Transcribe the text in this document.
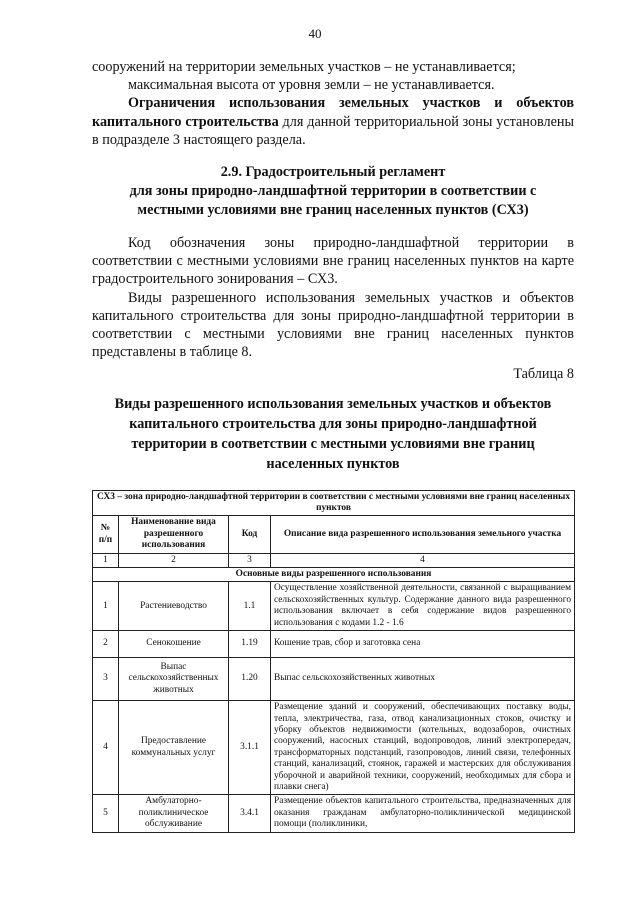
40

сооружений на территории земельных участков – не устанавливается;

максимальная высота от уровня земли – не устанавливается.

Ограничения использования земельных участков и объектов капитального строительства для данной территориальной зоны установлены в подразделе 3 настоящего раздела.

2.9. Градостроительный регламент
для зоны природно-ландшафтной территории в соответствии с
местными условиями вне границ населенных пунктов (СХ3)

Код обозначения зоны природно-ландшафтной территории в соответствии с местными условиями вне границ населенных пунктов на карте градостроительного зонирования – СХ3.

Виды разрешенного использования земельных участков и объектов капитального строительства для зоны природно-ландшафтной территории в соответствии с местными условиями вне границ населенных пунктов представлены в таблице 8.

Таблица 8
Виды разрешенного использования земельных участков и объектов
капитального строительства для зоны природно-ландшафтной
территории в соответствии с местными условиями вне границ
населенных пунктов
СХ3 – зона природно-ландшафтной территории в соответствии с местными условиями вне границ населенных пунктов			
№ п/п	Наименование вида разрешенного использования	Код	Описание вида разрешенного использования земельного участка
1	2	3	4
Основные виды разрешенного использования			
1	Растениеводство	1.1	Осуществление хозяйственной деятельности, связанной с выращиванием сельскохозяйственных культур. Содержание данного вида разрешенного использования включает в себя содержание видов разрешенного использования с кодами 1.2 - 1.6
2	Сенокошение	1.19	Кошение трав, сбор и заготовка сена
3	Выпас сельскохозяйственных животных	1.20	Выпас сельскохозяйственных животных
4	Предоставление коммунальных услуг	3.1.1	Размещение зданий и сооружений, обеспечивающих поставку воды, тепла, электричества, газа, отвод канализационных стоков, очистку и уборку объектов недвижимости (котельных, водозаборов, очистных сооружений, насосных станций, водопроводов, линий электропередач, трансформаторных подстанций, газопроводов, линий связи, телефонных станций, канализаций, стоянок, гаражей и мастерских для обслуживания уборочной и аварийной техники, сооружений, необходимых для сбора и плавки снега)
5	Амбулаторно-поликлиническое обслуживание	3.4.1	Размещение объектов капитального строительства, предназначенных для оказания гражданам амбулаторно-поликлинической медицинской помощи (поликлиники,
